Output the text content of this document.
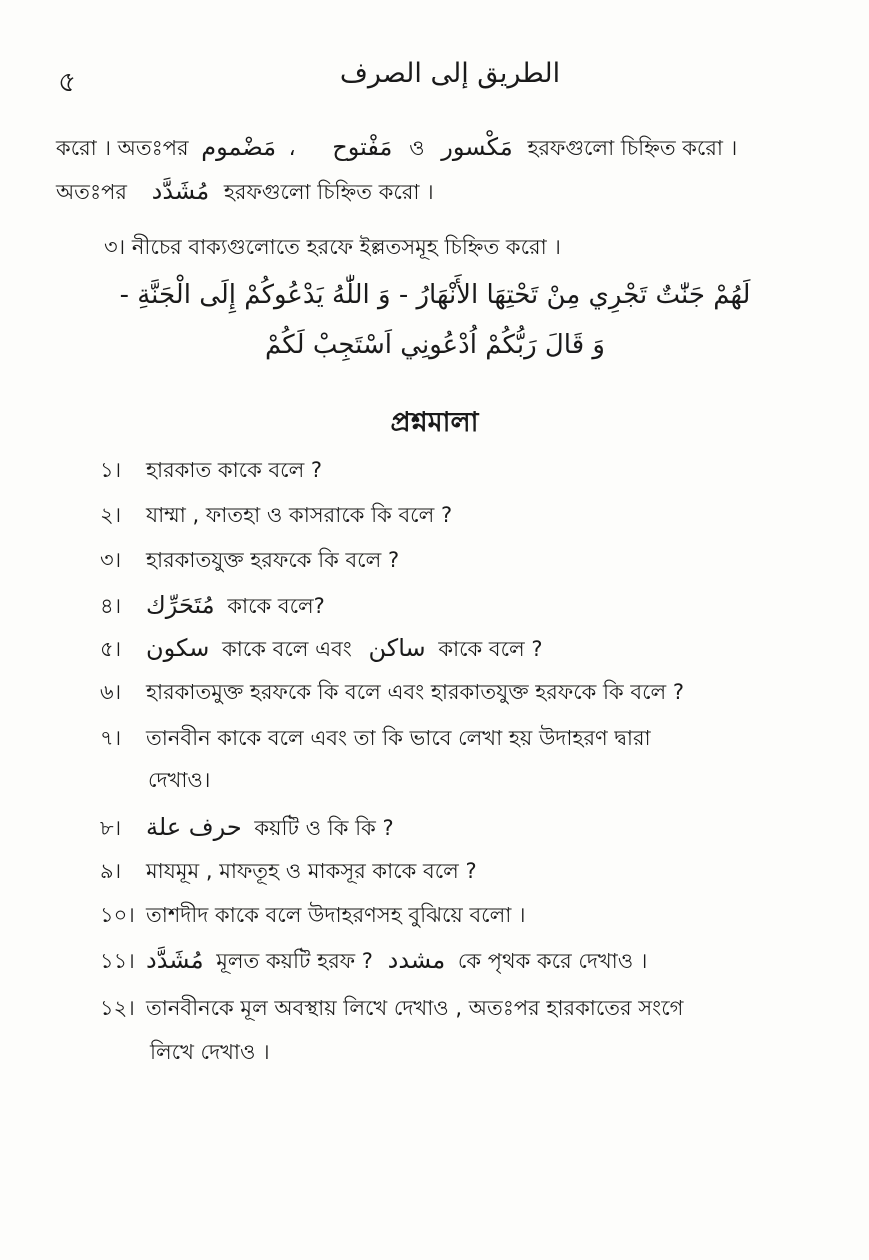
৫	الطريق إلى الصرف
করো । অতঃপর	مَفْتوح ، مَضْموم	ও مَكْسور হরফগুলো চিহ্নিত করো ।
অতঃপর مُشَدَّد হরফগুলো চিহ্নিত করো ।
৩। নীচের বাক্যগুলোতে হরফে ইল্লতসমূহ চিহ্নিত করো ।
لَهُمْ جَنّٰتٌ تَجْرِي مِنْ تَحْتِهَا الأَنْهَارُ - وَ اللّٰهُ يَدْعُوكُمْ إِلَى الْجَنَّةِ -
وَ قَالَ رَبُّكُمْ اُدْعُونِي اَسْتَجِبْ لَكُمْ
প্রশ্নমালা
১। হারকাত কাকে বলে ?
২। যাম্মা , ফাতহা ও কাসরাকে কি বলে ?
৩। হারকাতযুক্ত হরফকে কি বলে ?
৪। مُتَحَرِّك কাকে বলে?
৫। سكون কাকে বলে এবং ساكن কাকে বলে ?
৬। হারকাতমুক্ত হরফকে কি বলে এবং হারকাতযুক্ত হরফকে কি বলে ?
৭। তানবীন কাকে বলে এবং তা কি ভাবে লেখা হয় উদাহরণ দ্বারা
দেখাও।
৮। حرف علة কয়টি ও কি কি ?
৯। মাযমূম , মাফতূহ ও মাকসূর কাকে বলে ?
১০। তাশদীদ কাকে বলে উদাহরণসহ বুঝিয়ে বলো ।
১১। مُشَدَّد মূলত কয়টি হরফ ? مشدد কে পৃথক করে দেখাও ।
১২। তানবীনকে মূল অবস্থায় লিখে দেখাও , অতঃপর হারকাতের সংগে
লিখে দেখাও ।
